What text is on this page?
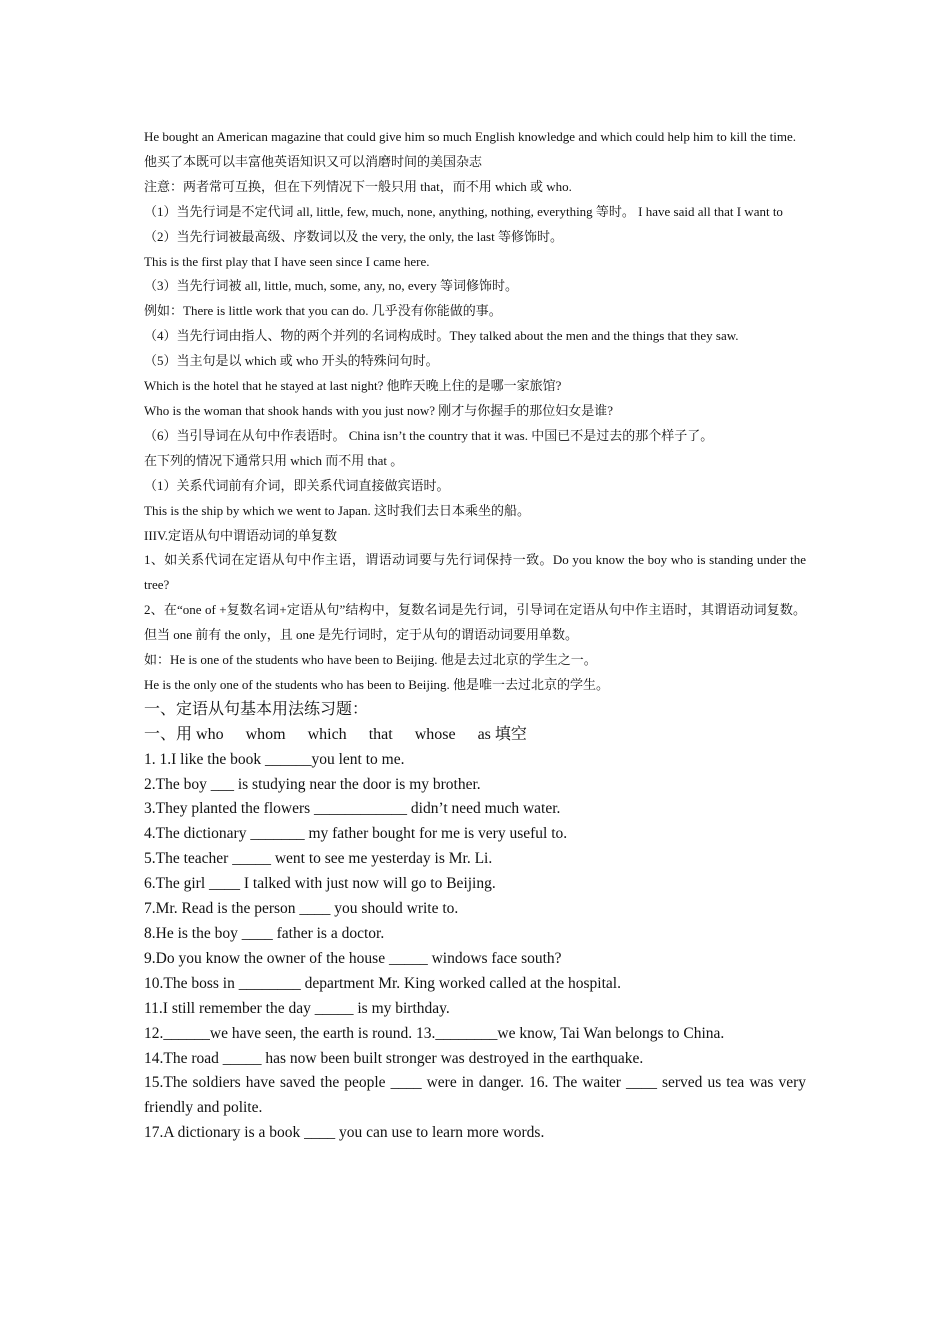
He bought an American magazine that could give him so much English knowledge and which could help him to kill the time.

他买了本既可以丰富他英语知识又可以消磨时间的美国杂志

注意：两者常可互换，但在下列情况下一般只用 that，而不用 which 或 who.

（1）当先行词是不定代词 all, little, few, much, none, anything, nothing, everything 等时。 I have said all that I want to

（2）当先行词被最高级、序数词以及 the very, the only, the last 等修饰时。

This is the first play that I have seen since I came here.

（3）当先行词被 all, little, much, some, any, no, every 等词修饰时。

例如：There is little work that you can do. 几乎没有你能做的事。

（4）当先行词由指人、物的两个并列的名词构成时。They talked about the men and the things that they saw.

（5）当主句是以 which 或 who 开头的特殊问句时。

Which is the hotel that he stayed at last night? 他昨天晚上住的是哪一家旅馆?

Who is the woman that shook hands with you just now? 刚才与你握手的那位妇女是谁?

（6）当引导词在从句中作表语时。 China isn’t the country that it was. 中国已不是过去的那个样子了。

在下列的情况下通常只用 which 而不用 that 。

（1）关系代词前有介词，即关系代词直接做宾语时。

This is the ship by which we went to Japan. 这时我们去日本乘坐的船。

IIIV.定语从句中谓语动词的单复数

1、如关系代词在定语从句中作主语，谓语动词要与先行词保持一致。Do you know the boy who is standing under the tree?

2、在“one of +复数名词+定语从句”结构中，复数名词是先行词，引导词在定语从句中作主语时，其谓语动词复数。但当 one 前有 the only，且 one 是先行词时，定于从句的谓语动词要用单数。

如：He is one of the students who have been to Beijing. 他是去过北京的学生之一。

He is the only one of the students who has been to Beijing. 他是唯一去过北京的学生。

一、定语从句基本用法练习题：

一、用 who whom which that whose as 填空

1. 1.I like the book ______you lent to me.

2.The boy ___ is studying near the door is my brother.

3.They planted the flowers ____________ didn’t need much water.

4.The dictionary _______ my father bought for me is very useful to.

5.The teacher _____ went to see me yesterday is Mr. Li.

6.The girl ____ I talked with just now will go to Beijing.

7.Mr. Read is the person ____ you should write to.

8.He is the boy ____ father is a doctor.

9.Do you know the owner of the house _____ windows face south?

10.The boss in ________ department Mr. King worked called at the hospital.

11.I still remember the day _____ is my birthday.

12.______we have seen, the earth is round. 13.________we know, Tai Wan belongs to China.

14.The road _____ has now been built stronger was destroyed in the earthquake.

15.The soldiers have saved the people ____ were in danger. 16. The waiter ____ served us tea was very friendly and polite.

17.A dictionary is a book ____ you can use to learn more words.
